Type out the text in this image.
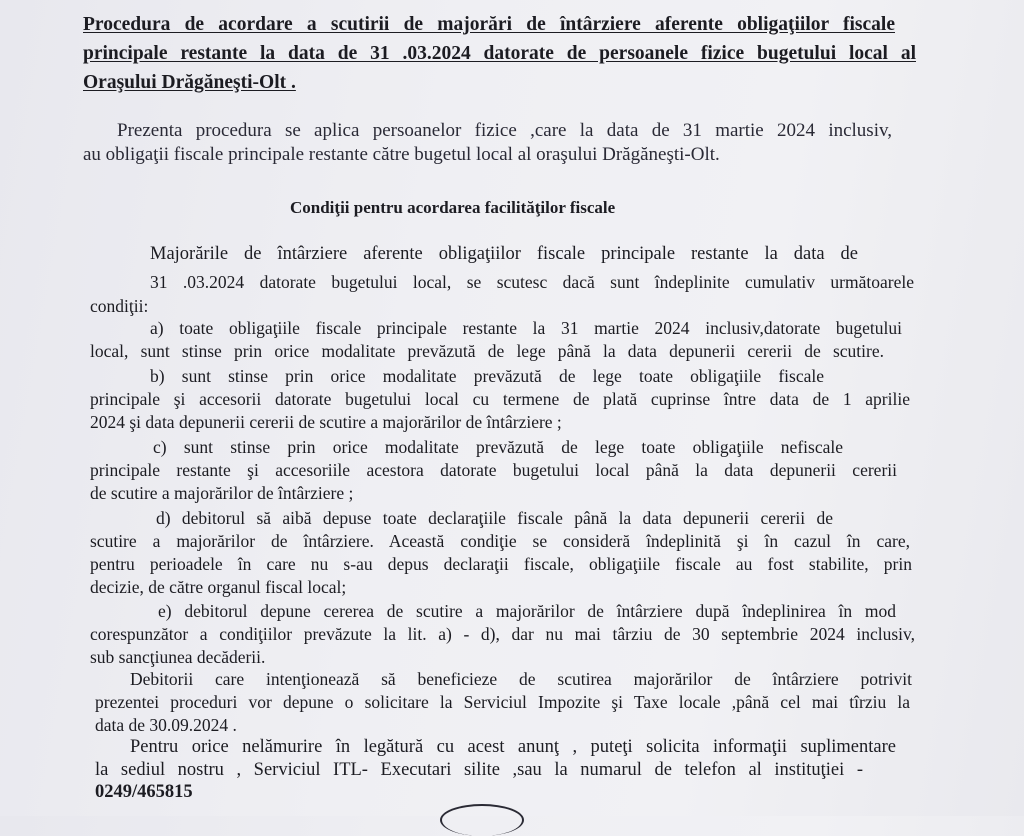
Procedura de acordare a scutirii de majorări de întârziere aferente obligaţiilor fiscale
principale restante la data de 31 .03.2024 datorate de persoanele fizice bugetului local al
Oraşului Drăgăneşti-Olt .
Prezenta procedura se aplica persoanelor fizice ,care la data de 31 martie 2024 inclusiv,
au obligaţii fiscale principale restante către bugetul local al oraşului Drăgăneşti-Olt.
Condiţii pentru acordarea facilităţilor fiscale
Majorările de întârziere aferente obligaţiilor fiscale principale restante la data de
31 .03.2024 datorate bugetului local, se scutesc dacă sunt îndeplinite cumulativ următoarele
condiţii:
a) toate obligaţiile fiscale principale restante la 31 martie 2024 inclusiv,datorate bugetului
local, sunt stinse prin orice modalitate prevăzută de lege până la data depunerii cererii de scutire.
b) sunt stinse prin orice modalitate prevăzută de lege toate obligaţiile fiscale
principale şi accesorii datorate bugetului local cu termene de plată cuprinse între data de 1 aprilie
2024 şi data depunerii cererii de scutire a majorărilor de întârziere ;
c) sunt stinse prin orice modalitate prevăzută de lege toate obligaţiile nefiscale
principale restante şi accesoriile acestora datorate bugetului local până la data depunerii cererii
de scutire a majorărilor de întârziere ;
d) debitorul să aibă depuse toate declaraţiile fiscale până la data depunerii cererii de
scutire a majorărilor de întârziere. Această condiţie se consideră îndeplinită şi în cazul în care,
pentru perioadele în care nu s-au depus declaraţii fiscale, obligaţiile fiscale au fost stabilite, prin
decizie, de către organul fiscal local;
e) debitorul depune cererea de scutire a majorărilor de întârziere după îndeplinirea în mod
corespunzător a condiţiilor prevăzute la lit. a) - d), dar nu mai târziu de 30 septembrie 2024 inclusiv,
sub sancţiunea decăderii.
Debitorii care intenţionează să beneficieze de scutirea majorărilor de întârziere potrivit
prezentei proceduri vor depune o solicitare la Serviciul Impozite şi Taxe locale ,până cel mai tîrziu la
data de 30.09.2024 .
Pentru orice nelămurire în legătură cu acest anunţ , puteţi solicita informaţii suplimentare
la sediul nostru , Serviciul ITL- Executari silite ,sau la numarul de telefon al instituţiei -
0249/465815
